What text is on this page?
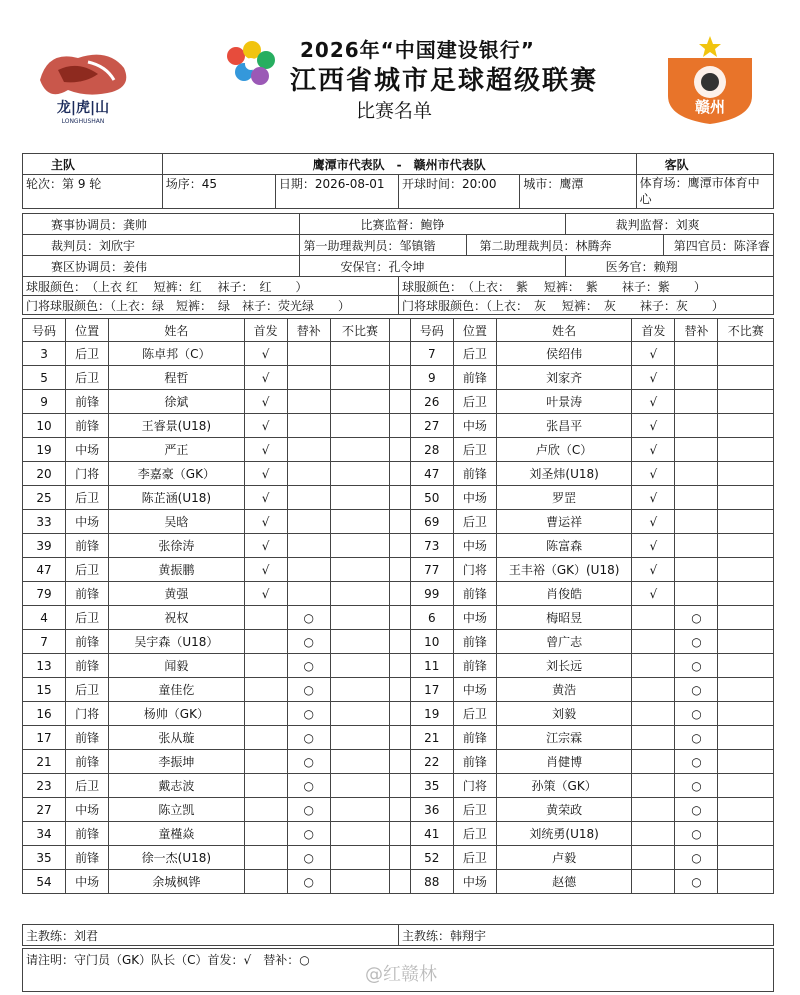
龙|虎|山
LONGHUSHAN
2026年“中国建设银行”
江西省城市足球超级联赛
比赛名单	赣州
主队	鹰潭市代表队　-　赣州市代表队				客队
轮次：第 9 轮	场序：45	日期：2026-08-01	开球时间：20:00	城市：鹰潭	体育场：鹰潭市体育中心
赛事协调员：龚帅	比赛监督：鲍铮		裁判监督：刘爽	
裁判员：刘欣宇	第一助理裁判员：邹镇锴	第二助理裁判员：林腾奔		第四官员：陈泽睿
赛区协调员：姜伟	安保官：孔令坤		医务官：赖翔	
球服颜色：　（上衣 红　 短裤：红　 袜子：　红　　）	球服颜色：　（上衣：　紫　 短裤：　紫　　袜子：紫　　）
门将球服颜色：（上衣：绿　短裤：　绿　袜子：荧光绿　　）	门将球服颜色：（上衣：　灰　 短裤：　灰　　袜子：灰　　）
号码	位置	姓名	首发	替补	不比赛		号码	位置	姓名	首发	替补	不比赛
3	后卫	陈卓邦（C）	√				7	后卫	侯绍伟	√		
5	后卫	程哲	√				9	前锋	刘家齐	√		
9	前锋	徐斌	√				26	后卫	叶景涛	√		
10	前锋	王睿景(U18)	√				27	中场	张昌平	√		
19	中场	严正	√				28	后卫	卢欣（C）	√		
20	门将	李嘉豪（GK）	√				47	前锋	刘圣炜(U18)	√		
25	后卫	陈芷涵(U18)	√				50	中场	罗罡	√		
33	中场	吴晗	√				69	后卫	曹运祥	√		
39	前锋	张徐涛	√				73	中场	陈富森	√		
47	后卫	黄振鹏	√				77	门将	王丰裕（GK）(U18)	√		
79	前锋	黄强	√				99	前锋	肖俊皓	√		
4	后卫	祝权		○			6	中场	梅昭昱		○	
7	前锋	吴宇森（U18）		○			10	前锋	曾广志		○	
13	前锋	闻毅		○			11	前锋	刘长远		○	
15	后卫	童佳仡		○			17	中场	黄浩		○	
16	门将	杨帅（GK）		○			19	后卫	刘毅		○	
17	前锋	张从璇		○			21	前锋	江宗霖		○	
21	前锋	李振坤		○			22	前锋	肖健博		○	
23	后卫	戴志波		○			35	门将	孙策（GK）		○	
27	中场	陈立凯		○			36	后卫	黄荣政		○	
34	前锋	童槿焱		○			41	后卫	刘统勇(U18)		○	
35	前锋	徐一杰(U18)		○			52	后卫	卢毅		○	
54	中场	余城枫铧		○			88	中场	赵德		○	
主教练：刘君	主教练：韩翔宇
请注明：守门员（GK）队长（C）首发：√　替补：○
@红赣林
